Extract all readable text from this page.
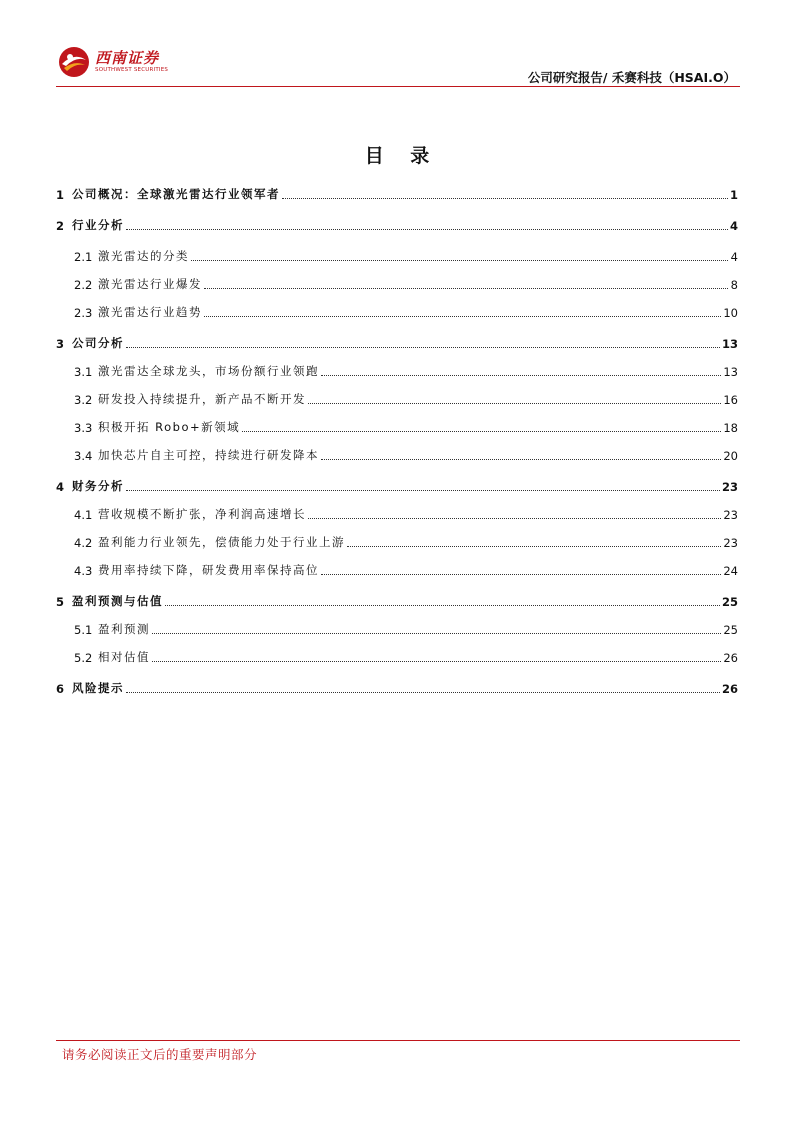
西南证券
SOUTHWEST SECURITIES	公司研究报告/ 禾赛科技（HSAI.O）
目 录
1 公司概况：全球激光雷达行业领军者	1
2 行业分析	4
2.1 激光雷达的分类	4
2.2 激光雷达行业爆发	8
2.3 激光雷达行业趋势	10
3 公司分析	13
3.1 激光雷达全球龙头，市场份额行业领跑	13
3.2 研发投入持续提升，新产品不断开发	16
3.3 积极开拓 Robo+新领域	18
3.4 加快芯片自主可控，持续进行研发降本	20
4 财务分析	23
4.1 营收规模不断扩张，净利润高速增长	23
4.2 盈利能力行业领先，偿债能力处于行业上游	23
4.3 费用率持续下降，研发费用率保持高位	24
5 盈利预测与估值	25
5.1 盈利预测	25
5.2 相对估值	26
6 风险提示	26
请务必阅读正文后的重要声明部分
